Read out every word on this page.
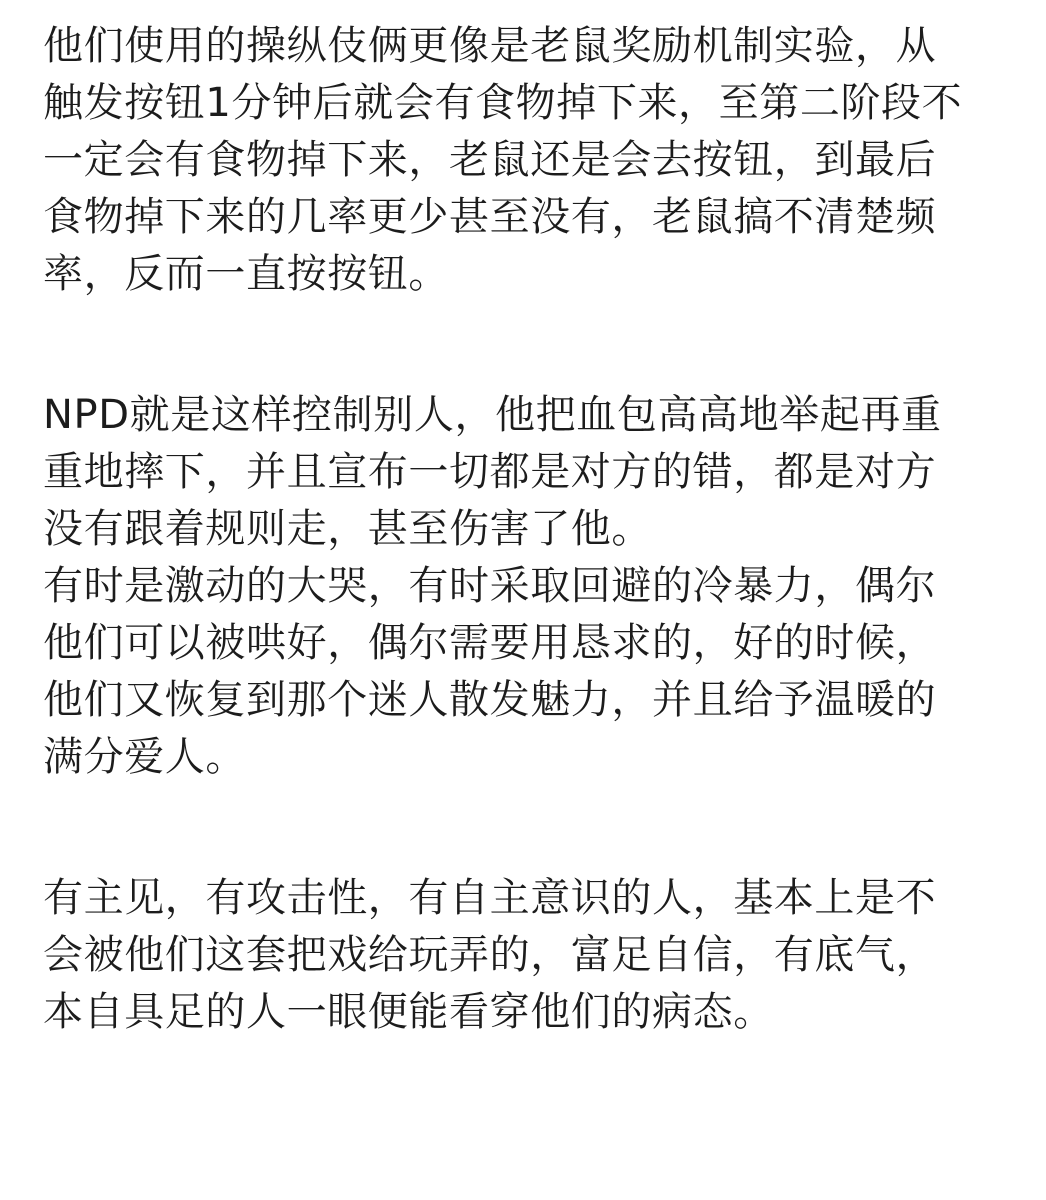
他们使用的操纵伎俩更像是老鼠奖励机制实验，从
触发按钮1分钟后就会有食物掉下来，至第二阶段不
一定会有食物掉下来，老鼠还是会去按钮，到最后
食物掉下来的几率更少甚至没有，老鼠搞不清楚频
率，反而一直按按钮。
NPD就是这样控制别人，他把血包高高地举起再重
重地摔下，并且宣布一切都是对方的错，都是对方
没有跟着规则走，甚至伤害了他。
有时是激动的大哭，有时采取回避的冷暴力，偶尔
他们可以被哄好，偶尔需要用恳求的，好的时候，
他们又恢复到那个迷人散发魅力，并且给予温暖的
满分爱人。
有主见，有攻击性，有自主意识的人，基本上是不
会被他们这套把戏给玩弄的，富足自信，有底气，
本自具足的人一眼便能看穿他们的病态。
